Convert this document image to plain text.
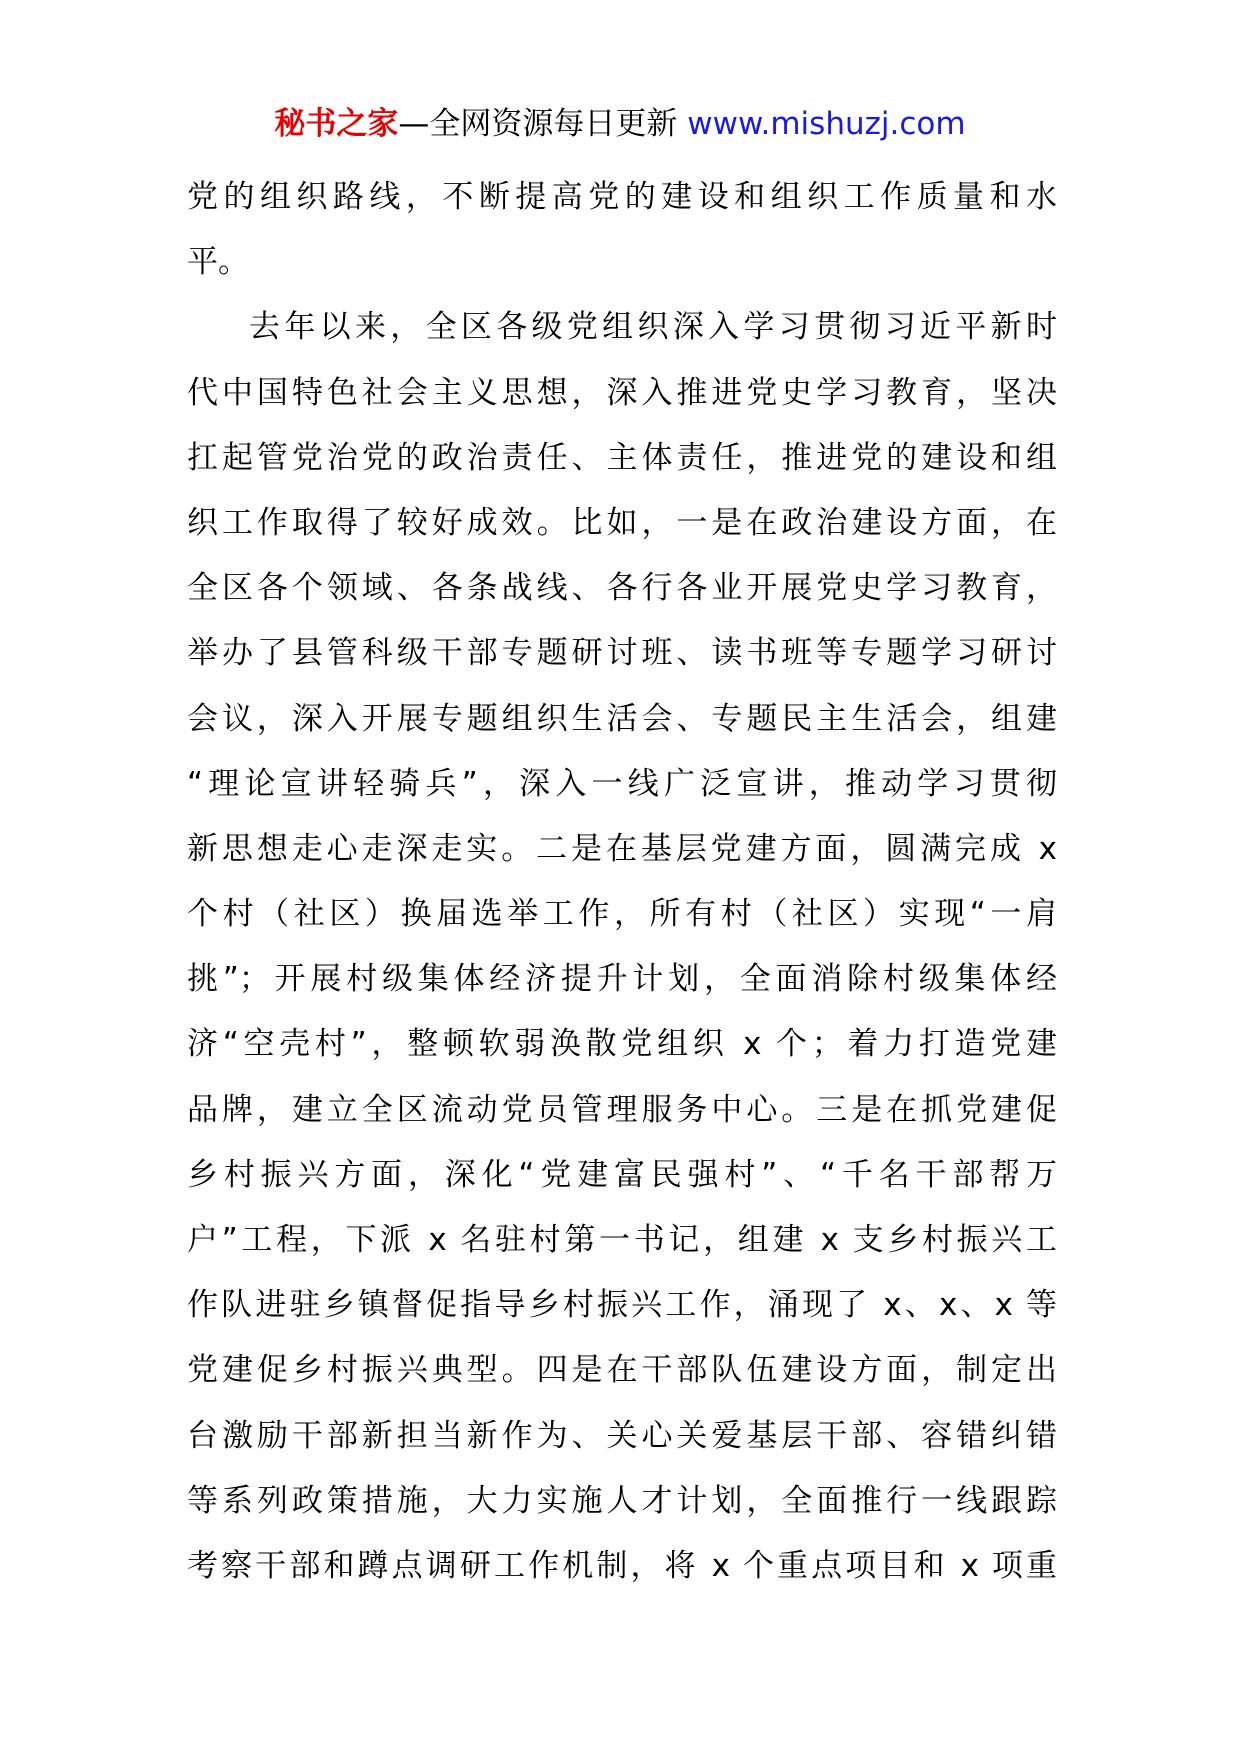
秘书之家—全网资源每日更新 www.mishuzj.com
党的组织路线，不断提高党的建设和组织工作质量和水
平。
去年以来，全区各级党组织深入学习贯彻习近平新时
代中国特色社会主义思想，深入推进党史学习教育，坚决
扛起管党治党的政治责任、主体责任，推进党的建设和组
织工作取得了较好成效。比如，一是在政治建设方面，在
全区各个领域、各条战线、各行各业开展党史学习教育，
举办了县管科级干部专题研讨班、读书班等专题学习研讨
会议，深入开展专题组织生活会、专题民主生活会，组建
“理论宣讲轻骑兵”，深入一线广泛宣讲，推动学习贯彻
新思想走心走深走实。二是在基层党建方面，圆满完成 x
个村（社区）换届选举工作，所有村（社区）实现“一肩
挑”；开展村级集体经济提升计划，全面消除村级集体经
济“空壳村”，整顿软弱涣散党组织 x 个；着力打造党建
品牌，建立全区流动党员管理服务中心。三是在抓党建促
乡村振兴方面，深化“党建富民强村”、“千名干部帮万
户”工程，下派 x 名驻村第一书记，组建 x 支乡村振兴工
作队进驻乡镇督促指导乡村振兴工作，涌现了 x、x、x 等
党建促乡村振兴典型。四是在干部队伍建设方面，制定出
台激励干部新担当新作为、关心关爱基层干部、容错纠错
等系列政策措施，大力实施人才计划，全面推行一线跟踪
考察干部和蹲点调研工作机制，将 x 个重点项目和 x 项重
